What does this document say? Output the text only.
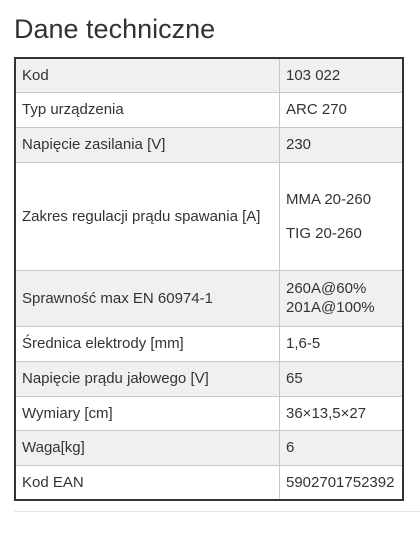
Dane techniczne
Kod	103 022
Typ urządzenia	ARC 270
Napięcie zasilania [V]	230
Zakres regulacji prądu spawania [A]	MMA 20-260
TIG 20-260

Sprawność max EN 60974-1	260A@60%
201A@100%

Średnica elektrody [mm]	1,6-5
Napięcie prądu jałowego [V]	65
Wymiary [cm]	36×13,5×27
Waga[kg]	6
Kod EAN	5902701752392
